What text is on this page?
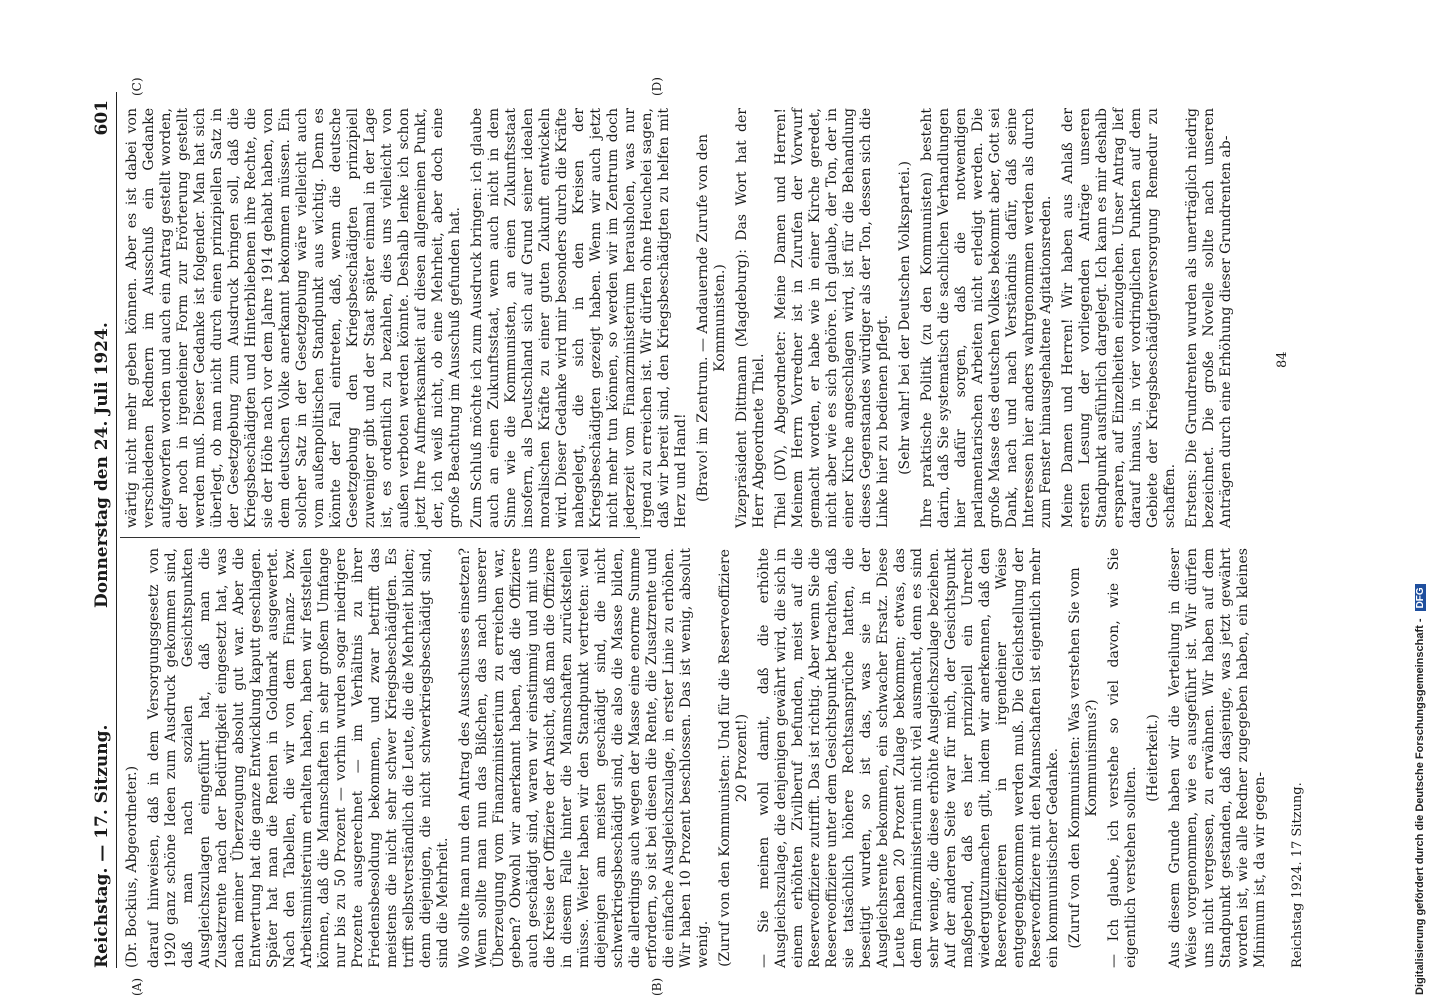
Reichstag. — 17. Sitzung.
Donnerstag den 24. Juli 1924.
601
(A)	(B)
(C)	(D)

(Dr. Bockius, Abgeordneter.) darauf hinweisen, daß in dem Versorgungsgesetz von 1920 ganz schöne Ideen zum Ausdruck gekommen sind, daß man nach sozialen Gesichtspunkten Ausgleichszulagen eingeführt hat, daß man die Zusatzrente nach der Bedürftigkeit eingesetzt hat, was nach meiner Überzeugung absolut gut war. Aber die Entwertung hat die ganze Entwicklung kaputt geschlagen. Später hat man die Renten in Goldmark ausgewertet. Nach den Tabellen, die wir von dem Finanz- bzw. Arbeitsministerium erhalten haben, haben wir feststellen können, daß die Mannschaften in sehr großem Umfange nur bis zu 50 Prozent — vorhin wurden sogar niedrigere Prozente ausgerechnet — im Verhältnis zu ihrer Friedensbesoldung bekommen, und zwar betrifft das meistens die nicht sehr schwer Kriegsbeschädigten. Es trifft selbstverständlich die Leute, die die Mehrheit bilden; denn diejenigen, die nicht schwerkriegsbeschädigt sind, sind die Mehrheit. Wo sollte man nun den Antrag des Ausschusses einsetzen? Wenn sollte man nun das Bißchen, das nach unserer Überzeugung vom Finanzministerium zu erreichen war, geben? Obwohl wir anerkannt haben, daß die Offiziere auch geschädigt sind, waren wir einstimmig und mit uns die Kreise der Offiziere der Ansicht, daß man die Offiziere in diesem Falle hinter die Mannschaften zurückstellen müsse. Weiter haben wir den Standpunkt vertreten: weil diejenigen am meisten geschädigt sind, die nicht schwerkriegsbeschädigt sind, die also die Masse bilden, die allerdings auch wegen der Masse eine enorme Summe erfordern, so ist bei diesen die Rente, die Zusatzrente und die einfache Ausgleichszulage, in erster Linie zu erhöhen. Wir haben 10 Prozent beschlossen. Das ist wenig, absolut wenig. (Zuruf von den Kommunisten: Und für die Reserveoffiziere 20 Prozent!) — Sie meinen wohl damit, daß die erhöhte Ausgleichszulage, die denjenigen gewährt wird, die sich in einem erhöhten Zivilberuf befunden, meist auf die Reserveoffiziere zutrifft. Das ist richtig. Aber wenn Sie die Reserveoffiziere unter dem Gesichtspunkt betrachten, daß sie tatsächlich höhere Rechtsansprüche hatten, die beseitigt wurden, so ist das, was sie in der Ausgleichsrente bekommen, ein schwacher Ersatz. Diese Leute haben 20 Prozent Zulage bekommen; etwas, das dem Finanzministerium nicht viel ausmacht, denn es sind sehr wenige, die diese erhöhte Ausgleichszulage beziehen. Auf der anderen Seite war für mich, der Gesichtspunkt maßgebend, daß es hier prinzipiell ein Unrecht wiedergutzumachen gilt, indem wir anerkennen, daß den Reserveoffizieren in irgendeiner Weise entgegengekommen werden muß. Die Gleichstellung der Reserveoffiziere mit den Mannschaften ist eigentlich mehr ein kommunistischer Gedanke. (Zuruf von den Kommunisten: Was verstehen Sie vom Kommunismus?) — Ich glaube, ich verstehe so viel davon, wie Sie eigentlich verstehen sollten.

(Heiterkeit.) Aus diesem Grunde haben wir die Verteilung in dieser Weise vorgenommen, wie es ausgeführt ist. Wir dürfen uns nicht vergessen, zu erwähnen. Wir haben auf dem Standpunkt gestanden, daß dasjenige, was jetzt gewährt worden ist, wie alle Redner zugegeben haben, ein kleines Minimum ist, da wir gegen-

wärtig nicht mehr geben können. Aber es ist dabei von verschiedenen Rednern im Ausschuß ein Gedanke aufgeworfen worden und auch ein Antrag gestellt worden, der noch in irgendeiner Form zur Erörterung gestellt werden muß. Dieser Gedanke ist folgender. Man hat sich überlegt, ob man nicht durch einen prinzipiellen Satz in der Gesetzgebung zum Ausdruck bringen soll, daß die Kriegsbeschädigten und Hinterbliebenen ihre Rechte, die sie der Höhe nach vor dem Jahre 1914 gehabt haben, von dem deutschen Volke anerkannt bekommen müssen. Ein solcher Satz in der Gesetzgebung wäre vielleicht auch vom außenpolitischen Standpunkt aus wichtig. Denn es könnte der Fall eintreten, daß, wenn die deutsche Gesetzgebung den Kriegsbeschädigten prinzipiell zuweniger gibt und der Staat später einmal in der Lage ist, es ordentlich zu bezahlen, dies uns vielleicht von außen verboten werden könnte. Deshalb lenke ich schon jetzt Ihre Aufmerksamkeit auf diesen allgemeinen Punkt, der, ich weiß nicht, ob eine Mehrheit, aber doch eine große Beachtung im Ausschuß gefunden hat. Zum Schluß möchte ich zum Ausdruck bringen: ich glaube auch an einen Zukunftsstaat, wenn auch nicht in dem Sinne wie die Kommunisten, an einen Zukunftsstaat insofern, als Deutschland sich auf Grund seiner idealen moralischen Kräfte zu einer guten Zukunft entwickeln wird. Dieser Gedanke wird mir besonders durch die Kräfte nahegelegt, die sich in den Kreisen der Kriegsbeschädigten gezeigt haben. Wenn wir auch jetzt nicht mehr tun können, so werden wir im Zentrum doch jederzeit vom Finanzministerium herausholen, was nur irgend zu erreichen ist. Wir dürfen ohne Heuchelei sagen, daß wir bereit sind, den Kriegsbeschädigten zu helfen mit Herz und Hand! (Bravo! im Zentrum. — Andauernde Zurufe von den Kommunisten.) Vizepräsident Dittmann (Magdeburg): Das Wort hat der Herr Abgeordnete Thiel. Thiel (DV), Abgeordneter: Meine Damen und Herren! Meinem Herrn Vorredner ist in Zurufen der Vorwurf gemacht worden, er habe wie in einer Kirche geredet, nicht aber wie es sich gehöre. Ich glaube, der Ton, der in einer Kirche angeschlagen wird, ist für die Behandlung dieses Gegenstandes würdiger als der Ton, dessen sich die Linke hier zu bedienen pflegt. (Sehr wahr! bei der Deutschen Volkspartei.) Ihre praktische Politik (zu den Kommunisten) besteht darin, daß Sie systematisch die sachlichen Verhandlungen hier dafür sorgen, daß die notwendigen parlamentarischen Arbeiten nicht erledigt werden. Die große Masse des deutschen Volkes bekommt aber, Gott sei Dank, nach und nach Verständnis dafür, daß seine Interessen hier anders wahrgenommen werden als durch zum Fenster hinausgehaltene Agitationsreden. Meine Damen und Herren! Wir haben aus Anlaß der ersten Lesung der vorliegenden Anträge unseren Standpunkt ausführlich dargelegt. Ich kann es mir deshalb ersparen, auf Einzelheiten einzugehen. Unser Antrag lief darauf hinaus, in vier vordringlichen Punkten auf dem Gebiete der Kriegsbeschädigtenversorgung Remedur zu schaffen. Erstens: Die Grundrenten wurden als unerträglich niedrig bezeichnet. Die große Novelle sollte nach unseren Anträgen durch eine Erhöhung dieser Grundrenten ab-

Reichstag 1924. 17 Sitzung.
84
Digitalisierung gefördert durch die Deutsche Forschungsgemeinschaft - DFG
